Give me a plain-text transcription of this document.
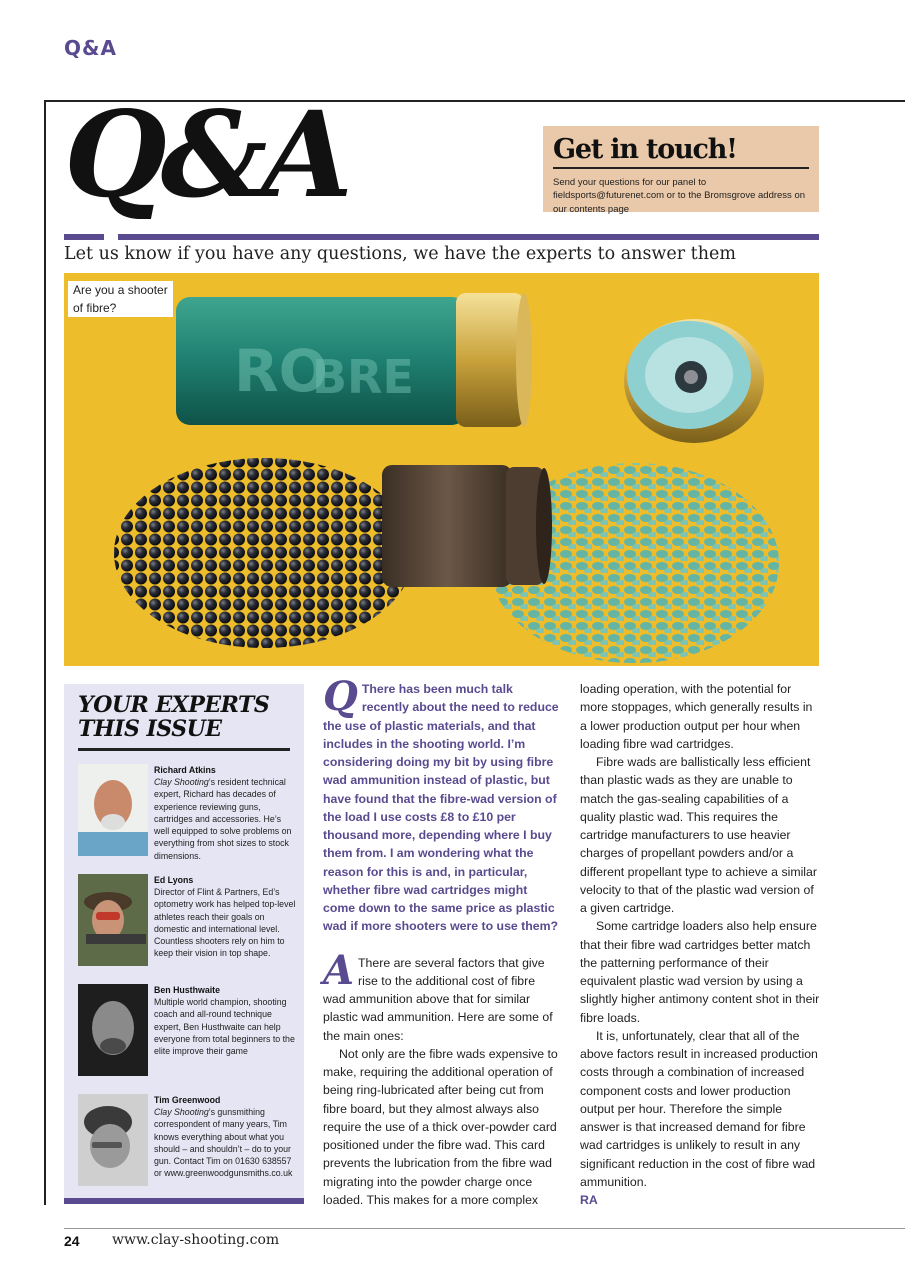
Q&A
Q&A	Get in touch!
Send your questions for our panel to fieldsports@futurenet.com or to the Bromsgrove address on our contents page
Let us know if you have any questions, we have the experts to answer them
RO
BRE
Are you a shooter
of fibre?
YOUR EXPERTS
THIS ISSUE
Richard Atkins
Clay Shooting’s resident technical expert, Richard has decades of experience reviewing guns, cartridges and accessories. He’s well equipped to solve problems on everything from shot sizes to stock dimensions.
Ed Lyons
Director of Flint & Partners, Ed’s optometry work has helped top-level athletes reach their goals on domestic and international level. Countless shooters rely on him to keep their vision in top shape.
Ben Husthwaite
Multiple world champion, shooting coach and all-round technique expert, Ben Husthwaite can help everyone from total beginners to the elite improve their game
Tim Greenwood
Clay Shooting’s gunsmithing correspondent of many years, Tim knows everything about what you should – and shouldn’t – do to your gun. Contact Tim on 01630 638557 or www.greenwoodgunsmiths.co.uk

Q There has been much talk recently about the need to reduce the use of plastic materials, and that includes in the shooting world. I’m considering doing my bit by using fibre wad ammunition instead of plastic, but have found that the fibre-wad version of the load I use costs £8 to £10 per thousand more, depending where I buy them from. I am wondering what the reason for this is and, in particular, whether fibre wad cartridges might come down to the same price as plastic wad if more shooters were to use them?

A There are several factors that give rise to the additional cost of fibre wad ammunition above that for similar plastic wad ammunition. Here are some of the main ones:

Not only are the fibre wads expensive to make, requiring the additional operation of being ring-lubricated after being cut from fibre board, but they almost always also require the use of a thick over-powder card positioned under the fibre wad. This card prevents the lubrication from the fibre wad migrating into the powder charge once loaded. This makes for a more complex

loading operation, with the potential for more stoppages, which generally results in a lower production output per hour when loading fibre wad cartridges.

Fibre wads are ballistically less efficient than plastic wads as they are unable to match the gas-sealing capabilities of a quality plastic wad. This requires the cartridge manufacturers to use heavier charges of propellant powders and/or a different propellant type to achieve a similar velocity to that of the plastic wad version of a given cartridge.

Some cartridge loaders also help ensure that their fibre wad cartridges better match the patterning performance of their equivalent plastic wad version by using a slightly higher antimony content shot in their fibre loads.

It is, unfortunately, clear that all of the above factors result in increased production costs through a combination of increased component costs and lower production output per hour. Therefore the simple answer is that increased demand for fibre wad cartridges is unlikely to result in any significant reduction in the cost of fibre wad ammunition.

RA

24 www.clay-shooting.com
